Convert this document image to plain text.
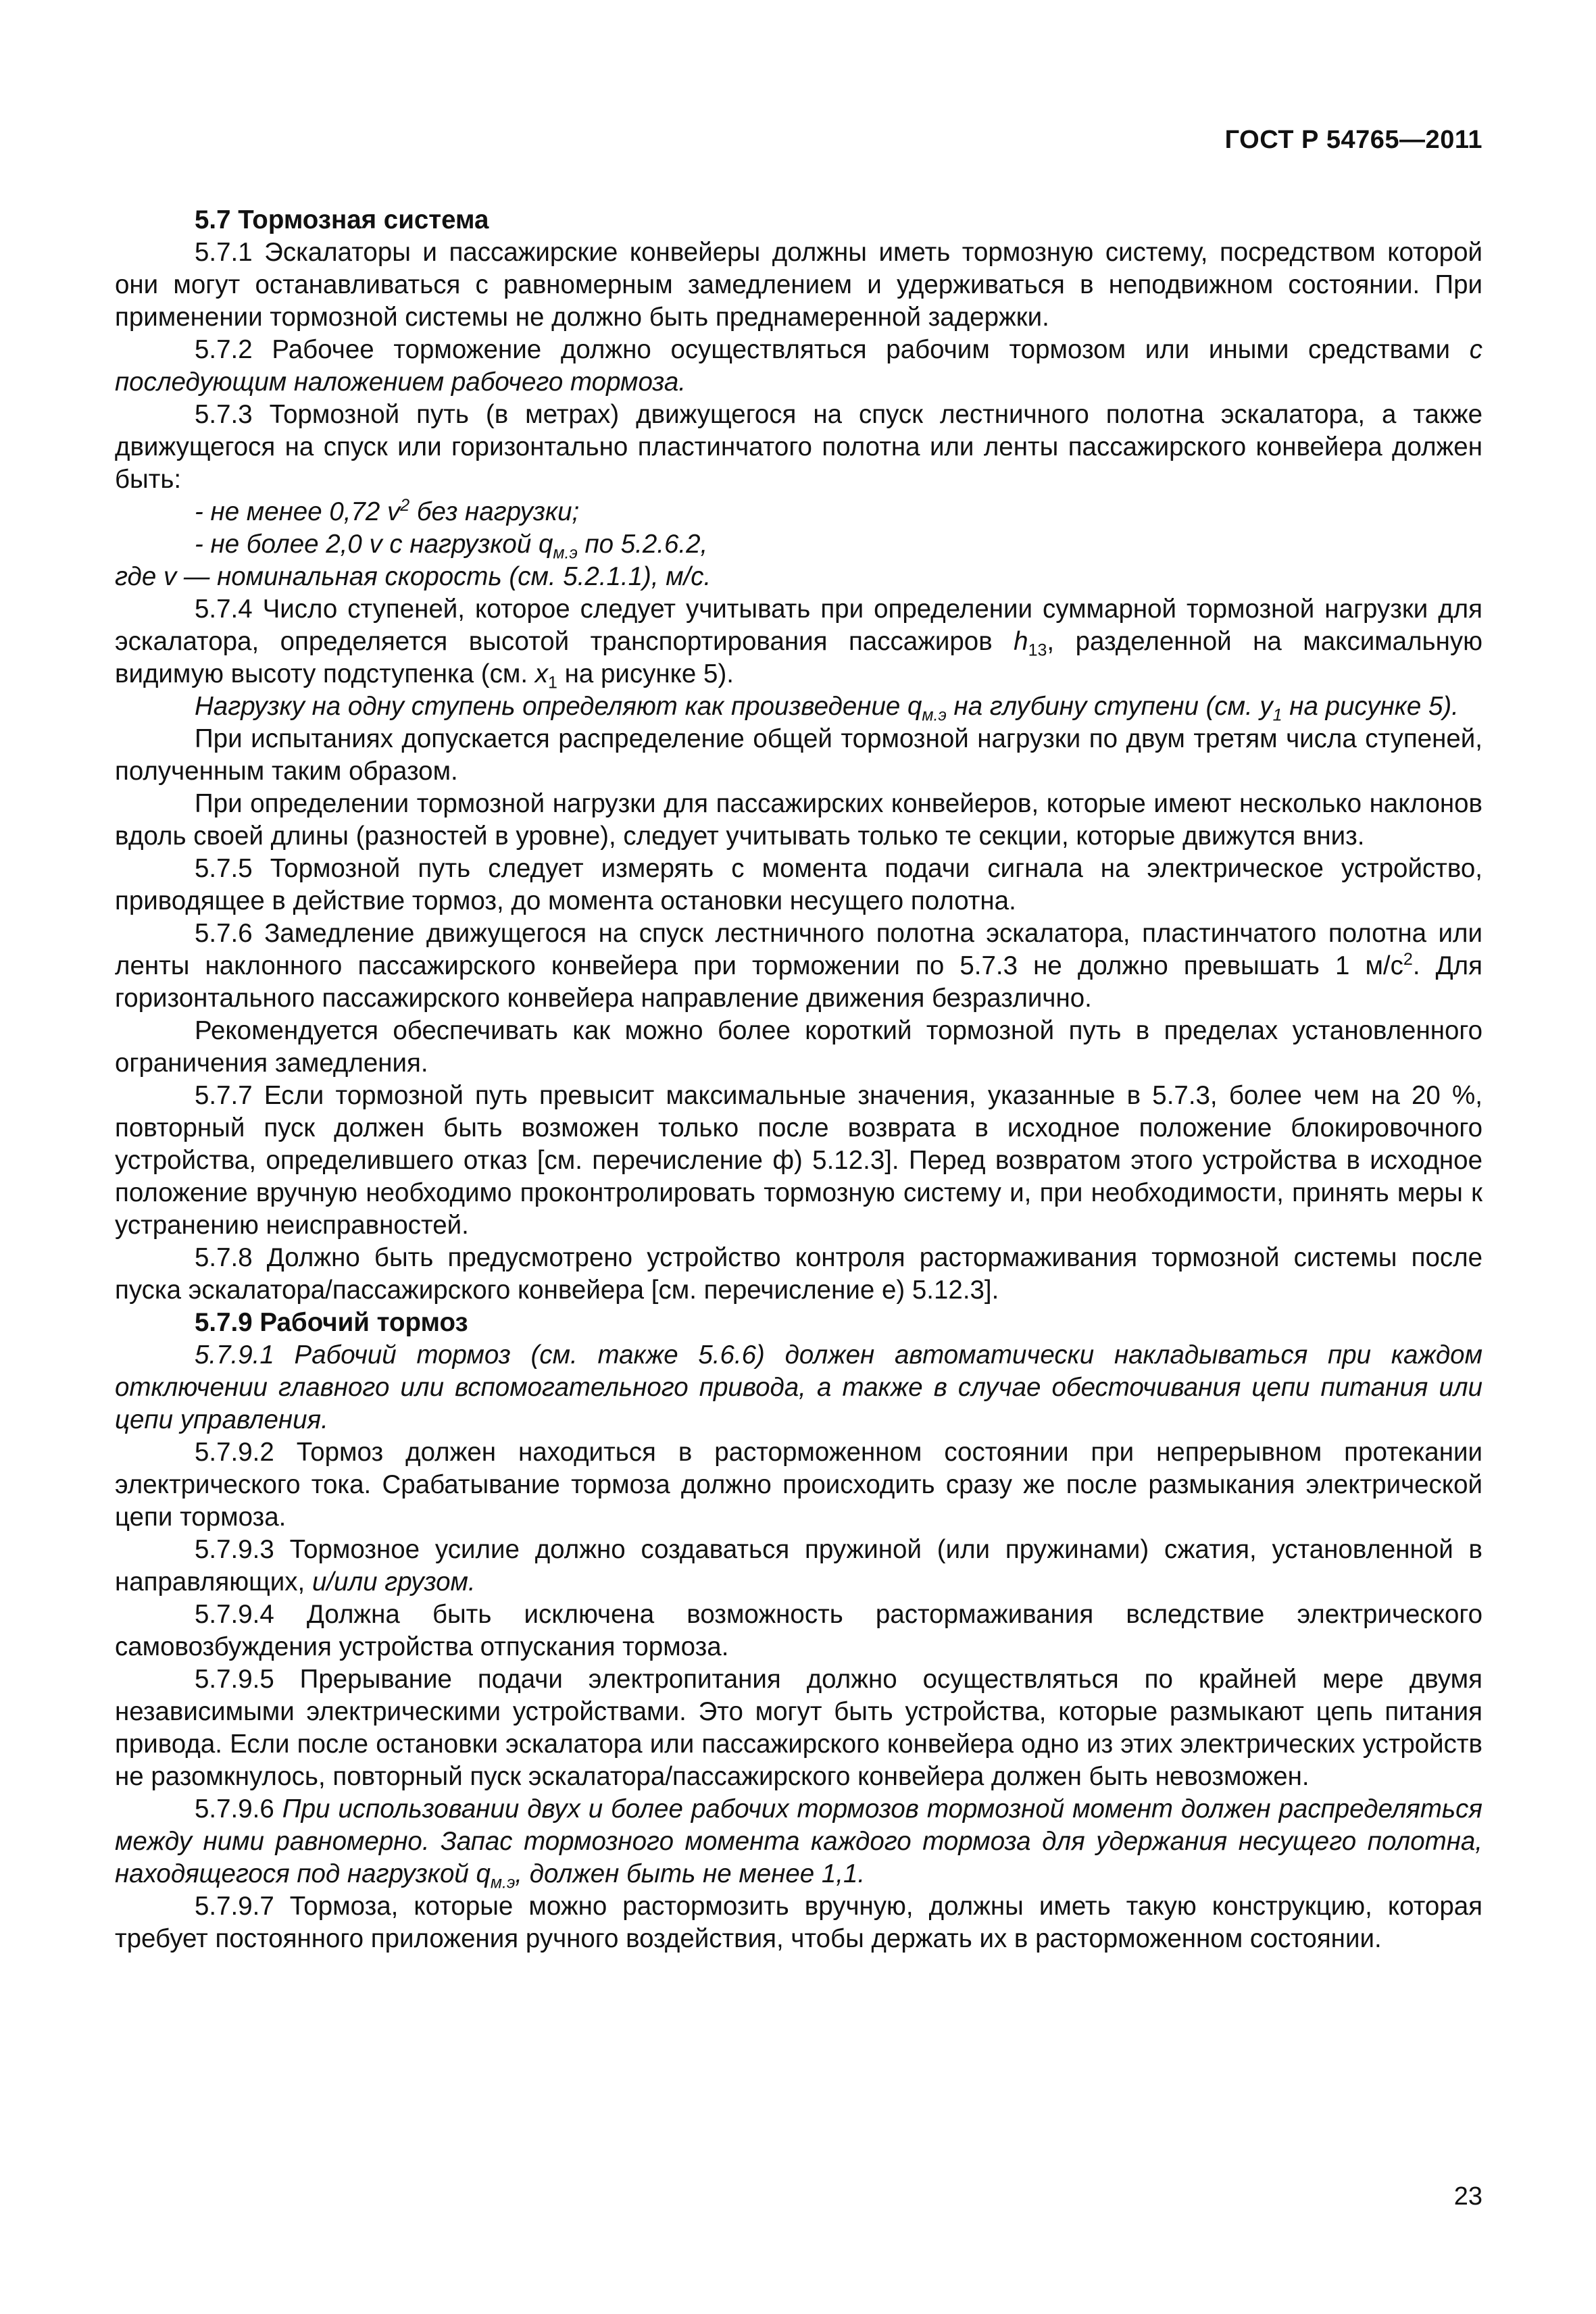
ГОСТ Р 54765—2011
5.7 Тормозная система

5.7.1 Эскалаторы и пассажирские конвейеры должны иметь тормозную систему, посредством которой они могут останавливаться с равномерным замедлением и удерживаться в неподвижном состоянии. При применении тормозной системы не должно быть преднамеренной задержки.

5.7.2 Рабочее торможение должно осуществляться рабочим тормозом или иными средствами с последующим наложением рабочего тормоза.

5.7.3 Тормозной путь (в метрах) движущегося на спуск лестничного полотна эскалатора, а также движущегося на спуск или горизонтально пластинчатого полотна или ленты пассажирского конвейера должен быть:

- не менее 0,72 $v^2$ без нагрузки;

- не более 2,0 v с нагрузкой $q_{м.э}$ по 5.2.6.2,

где v — номинальная скорость (см. 5.2.1.1), м/с.

5.7.4 Число ступеней, которое следует учитывать при определении суммарной тормозной нагрузки для эскалатора, определяется высотой транспортирования пассажиров $h_{13}$, разделенной на максимальную видимую высоту подступенка (см. $x_1$ на рисунке 5).

Нагрузку на одну ступень определяют как произведение $q_{м.э}$ на глубину ступени (см. $y_1$ на рисунке 5).

При испытаниях допускается распределение общей тормозной нагрузки по двум третям числа ступеней, полученным таким образом.

При определении тормозной нагрузки для пассажирских конвейеров, которые имеют несколько наклонов вдоль своей длины (разностей в уровне), следует учитывать только те секции, которые движутся вниз.

5.7.5 Тормозной путь следует измерять с момента подачи сигнала на электрическое устройство, приводящее в действие тормоз, до момента остановки несущего полотна.

5.7.6 Замедление движущегося на спуск лестничного полотна эскалатора, пластинчатого полотна или ленты наклонного пассажирского конвейера при торможении по 5.7.3 не должно превышать 1 $м/с^2$. Для горизонтального пассажирского конвейера направление движения безразлично.

Рекомендуется обеспечивать как можно более короткий тормозной путь в пределах установленного ограничения замедления.

5.7.7 Если тормозной путь превысит максимальные значения, указанные в 5.7.3, более чем на 20 %, повторный пуск должен быть возможен только после возврата в исходное положение блокировочного устройства, определившего отказ [см. перечисление ф) 5.12.3]. Перед возвратом этого устройства в исходное положение вручную необходимо проконтролировать тормозную систему и, при необходимости, принять меры к устранению неисправностей.

5.7.8 Должно быть предусмотрено устройство контроля растормаживания тормозной системы после пуска эскалатора/пассажирского конвейера [см. перечисление е) 5.12.3].

5.7.9 Рабочий тормоз

5.7.9.1 Рабочий тормоз (см. также 5.6.6) должен автоматически накладываться при каждом отключении главного или вспомогательного привода, а также в случае обесточивания цепи питания или цепи управления.

5.7.9.2 Тормоз должен находиться в расторможенном состоянии при непрерывном протекании электрического тока. Срабатывание тормоза должно происходить сразу же после размыкания электрической цепи тормоза.

5.7.9.3 Тормозное усилие должно создаваться пружиной (или пружинами) сжатия, установленной в направляющих, и/или грузом.

5.7.9.4 Должна быть исключена возможность растормаживания вследствие электрического самовозбуждения устройства отпускания тормоза.

5.7.9.5 Прерывание подачи электропитания должно осуществляться по крайней мере двумя независимыми электрическими устройствами. Это могут быть устройства, которые размыкают цепь питания привода. Если после остановки эскалатора или пассажирского конвейера одно из этих электрических устройств не разомкнулось, повторный пуск эскалатора/пассажирского конвейера должен быть невозможен.

5.7.9.6 При использовании двух и более рабочих тормозов тормозной момент должен распределяться между ними равномерно. Запас тормозного момента каждого тормоза для удержания несущего полотна, находящегося под нагрузкой $q_{м.э}$, должен быть не менее 1,1.

5.7.9.7 Тормоза, которые можно растормозить вручную, должны иметь такую конструкцию, которая требует постоянного приложения ручного воздействия, чтобы держать их в расторможенном состоянии.

23
